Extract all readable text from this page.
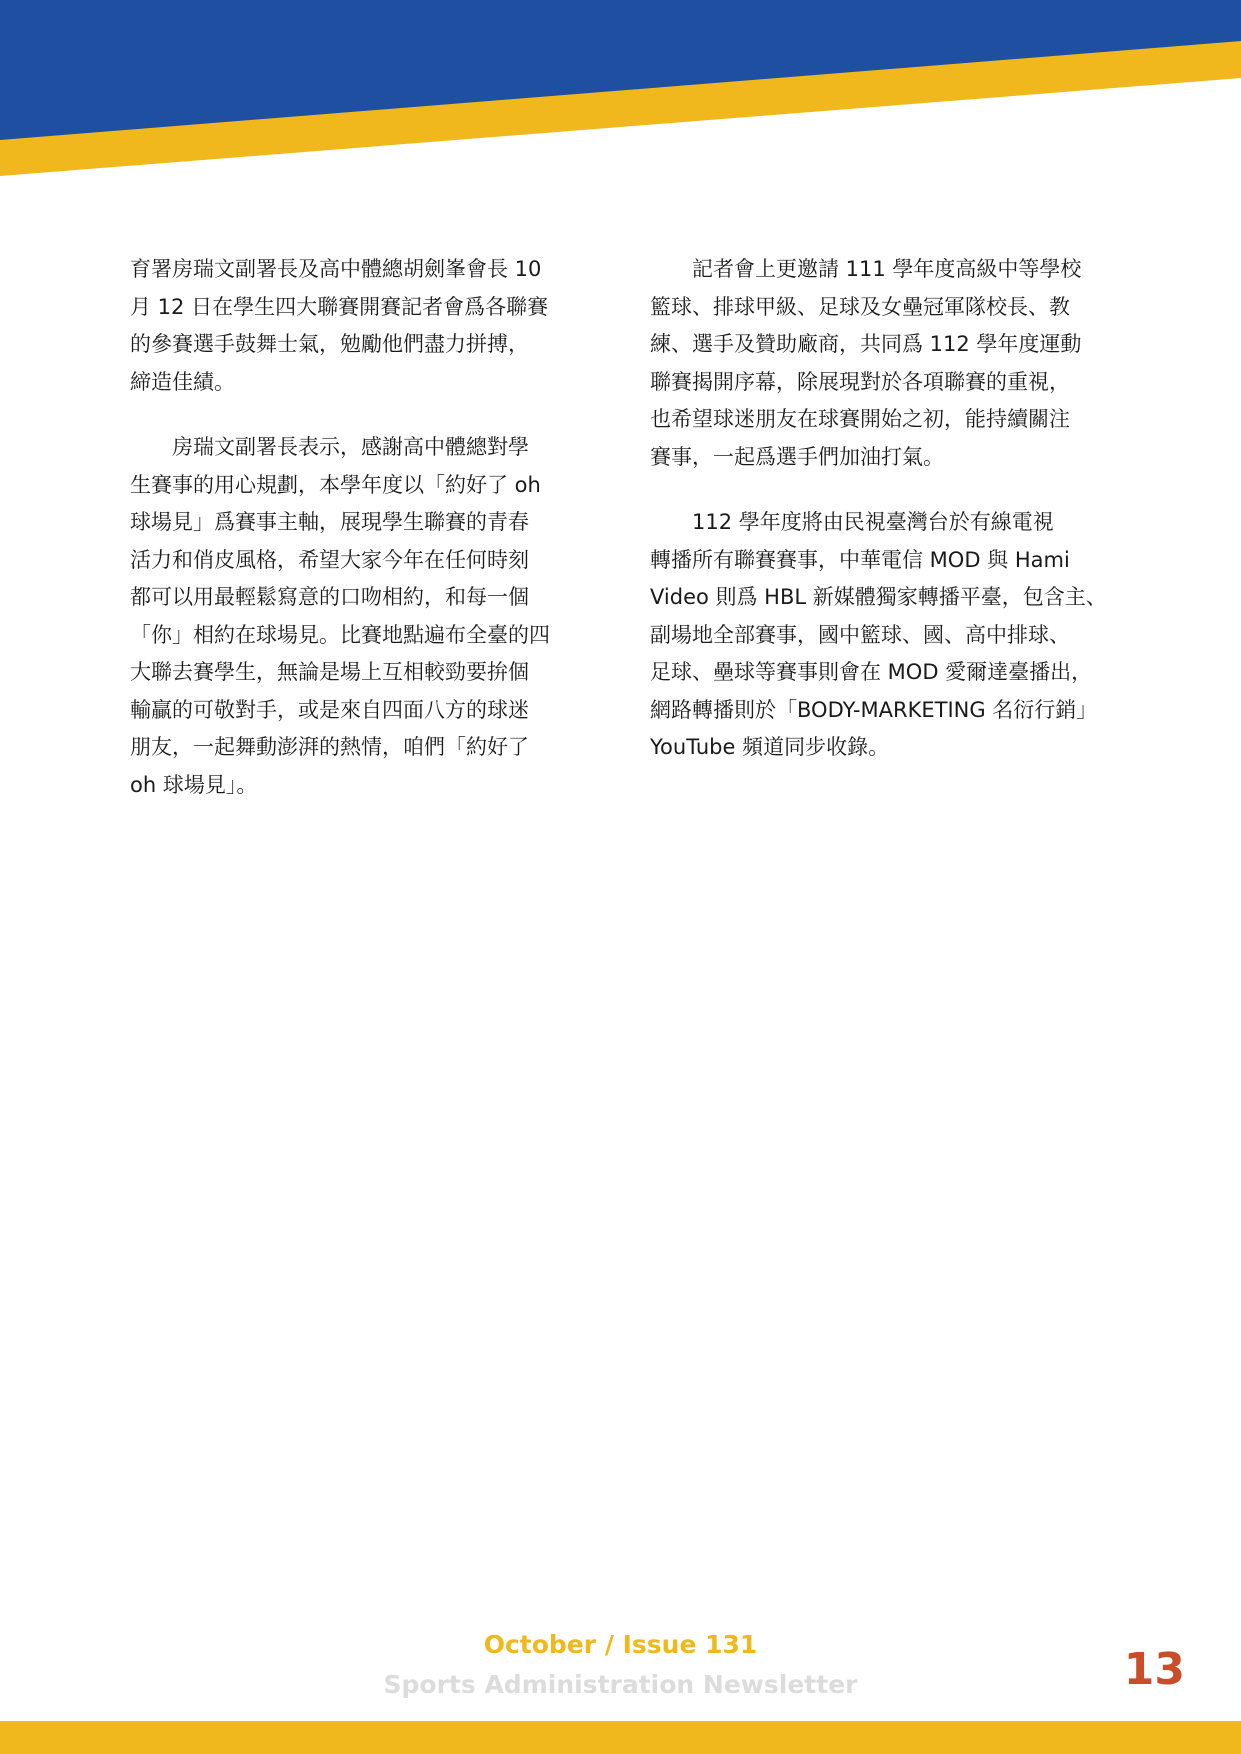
育署房瑞文副署長及高中體總胡劍峯會長 10
月 12 日在學生四大聯賽開賽記者會爲各聯賽
的參賽選手鼓舞士氣，勉勵他們盡力拼搏，
締造佳績。

房瑞文副署長表示，感謝高中體總對學
生賽事的用心規劃，本學年度以「約好了 oh
球場見」爲賽事主軸，展現學生聯賽的青春
活力和俏皮風格，希望大家今年在任何時刻
都可以用最輕鬆寫意的口吻相約，和每一個
「你」相約在球場見。比賽地點遍布全臺的四
大聯去賽學生，無論是場上互相較勁要拚個
輸贏的可敬對手，或是來自四面八方的球迷
朋友，一起舞動澎湃的熱情，咱們「約好了
oh 球場見」。

記者會上更邀請 111 學年度高級中等學校
籃球、排球甲級、足球及女壘冠軍隊校長、教
練、選手及贊助廠商，共同爲 112 學年度運動
聯賽揭開序幕，除展現對於各項聯賽的重視，
也希望球迷朋友在球賽開始之初，能持續關注
賽事，一起爲選手們加油打氣。

112 學年度將由民視臺灣台於有線電視
轉播所有聯賽賽事，中華電信 MOD 與 Hami
Video 則爲 HBL 新媒體獨家轉播平臺，包含主、
副場地全部賽事，國中籃球、國、高中排球、
足球、壘球等賽事則會在 MOD 愛爾達臺播出，
網路轉播則於「BODY-MARKETING 名衍行銷」
YouTube 頻道同步收錄。

October / Issue 131
Sports Administration Newsletter	13
